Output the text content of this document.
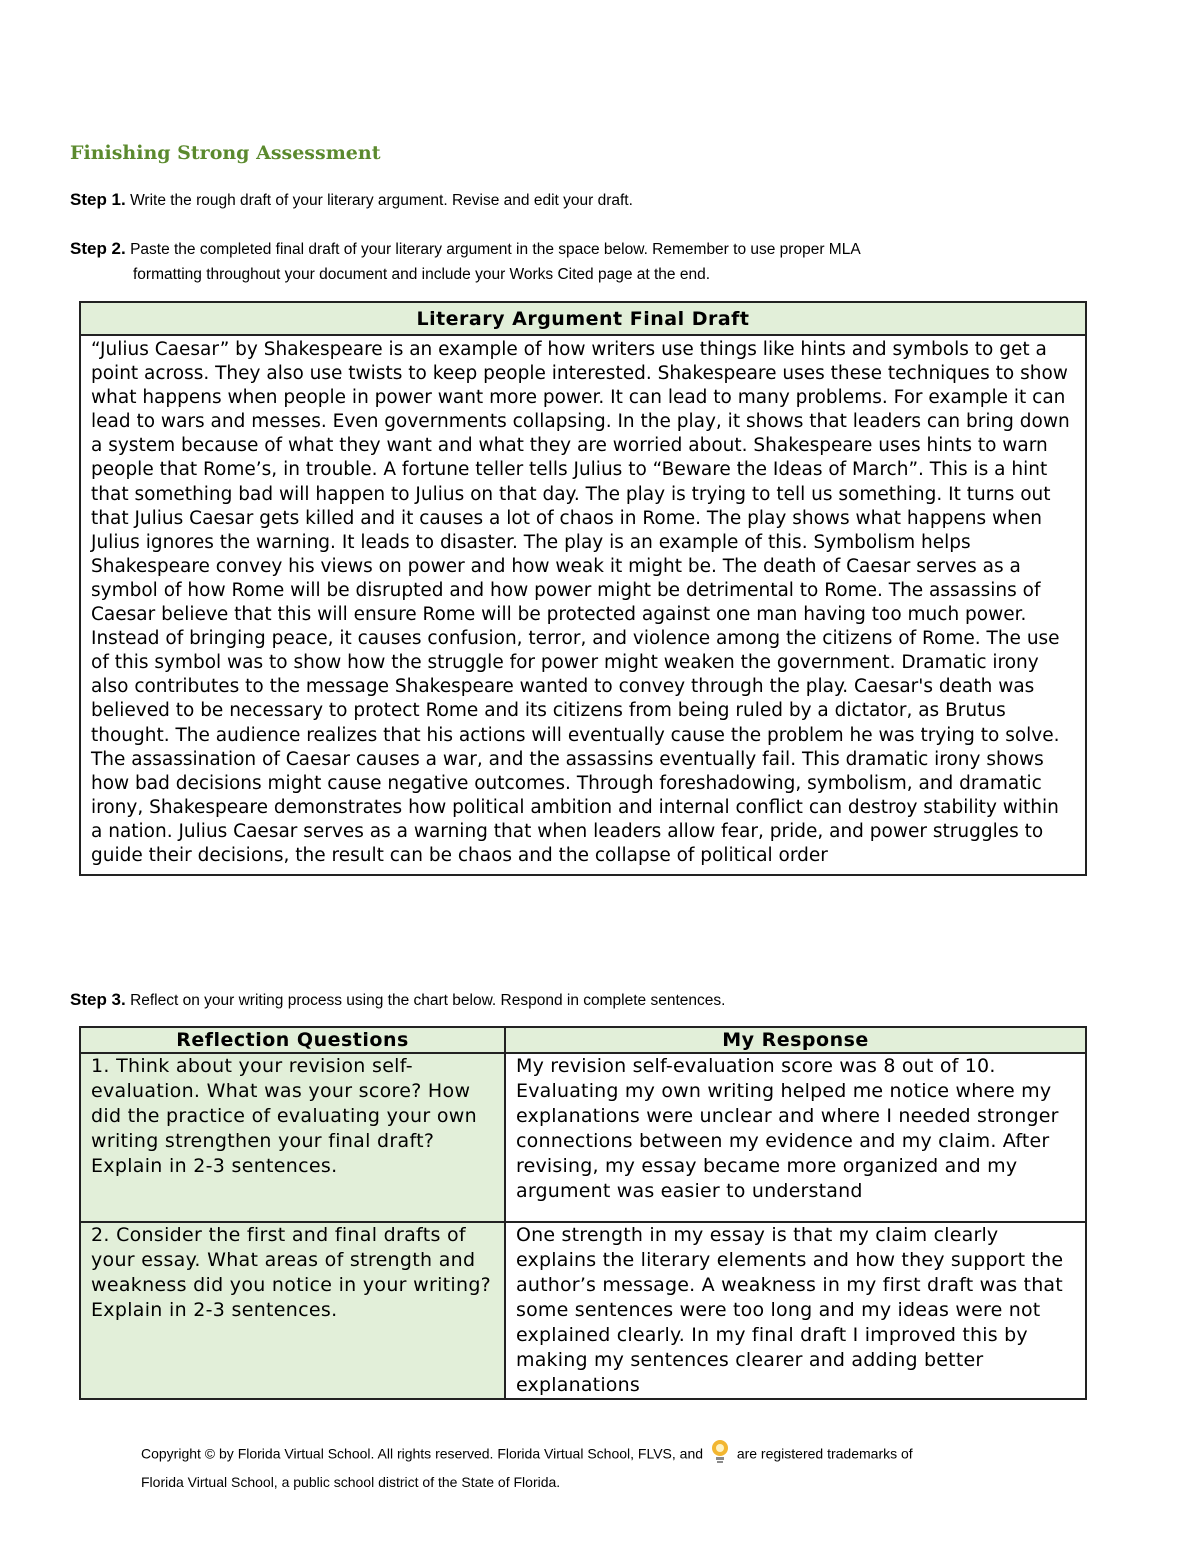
Finishing Strong Assessment
Step 1. Write the rough draft of your literary argument. Revise and edit your draft.
Step 2. Paste the completed final draft of your literary argument in the space below. Remember to use proper MLA
formatting throughout your document and include your Works Cited page at the end.
Literary Argument Final Draft
“Julius Caesar” by Shakespeare is an example of how writers use things like hints and symbols to get a point across. They also use twists to keep people interested. Shakespeare uses these techniques to show what happens when people in power want more power. It can lead to many problems. For example it can lead to wars and messes. Even governments collapsing. In the play, it shows that leaders can bring down a system because of what they want and what they are worried about. Shakespeare uses hints to warn people that Rome’s, in trouble. A fortune teller tells Julius to “Beware the Ideas of March”. This is a hint that something bad will happen to Julius on that day. The play is trying to tell us something. It turns out that Julius Caesar gets killed and it causes a lot of chaos in Rome. The play shows what happens when Julius ignores the warning. It leads to disaster. The play is an example of this. Symbolism helps Shakespeare convey his views on power and how weak it might be. The death of Caesar serves as a symbol of how Rome will be disrupted and how power might be detrimental to Rome. The assassins of Caesar believe that this will ensure Rome will be protected against one man having too much power. Instead of bringing peace, it causes confusion, terror, and violence among the citizens of Rome. The use of this symbol was to show how the struggle for power might weaken the government. Dramatic irony also contributes to the message Shakespeare wanted to convey through the play. Caesar's death was believed to be necessary to protect Rome and its citizens from being ruled by a dictator, as Brutus thought. The audience realizes that his actions will eventually cause the problem he was trying to solve. The assassination of Caesar causes a war, and the assassins eventually fail. This dramatic irony shows how bad decisions might cause negative outcomes. Through foreshadowing, symbolism, and dramatic irony, Shakespeare demonstrates how political ambition and internal conflict can destroy stability within a nation. Julius Caesar serves as a warning that when leaders allow fear, pride, and power struggles to guide their decisions, the result can be chaos and the collapse of political order
Step 3. Reflect on your writing process using the chart below. Respond in complete sentences.
Reflection Questions	My Response
1. Think about your revision self-evaluation. What was your score? How did the practice of evaluating your own writing strengthen your final draft? Explain in 2-3 sentences.	My revision self-evaluation score was 8 out of 10. Evaluating my own writing helped me notice where my explanations were unclear and where I needed stronger connections between my evidence and my claim. After revising, my essay became more organized and my argument was easier to understand
2. Consider the first and final drafts of your essay. What areas of strength and weakness did you notice in your writing? Explain in 2-3 sentences.	One strength in my essay is that my claim clearly explains the literary elements and how they support the author’s message. A weakness in my first draft was that some sentences were too long and my ideas were not explained clearly. In my final draft I improved this by making my sentences clearer and adding better explanations
Copyright © by Florida Virtual School. All rights reserved. Florida Virtual School, FLVS, and are registered trademarks of
Florida Virtual School, a public school district of the State of Florida.
